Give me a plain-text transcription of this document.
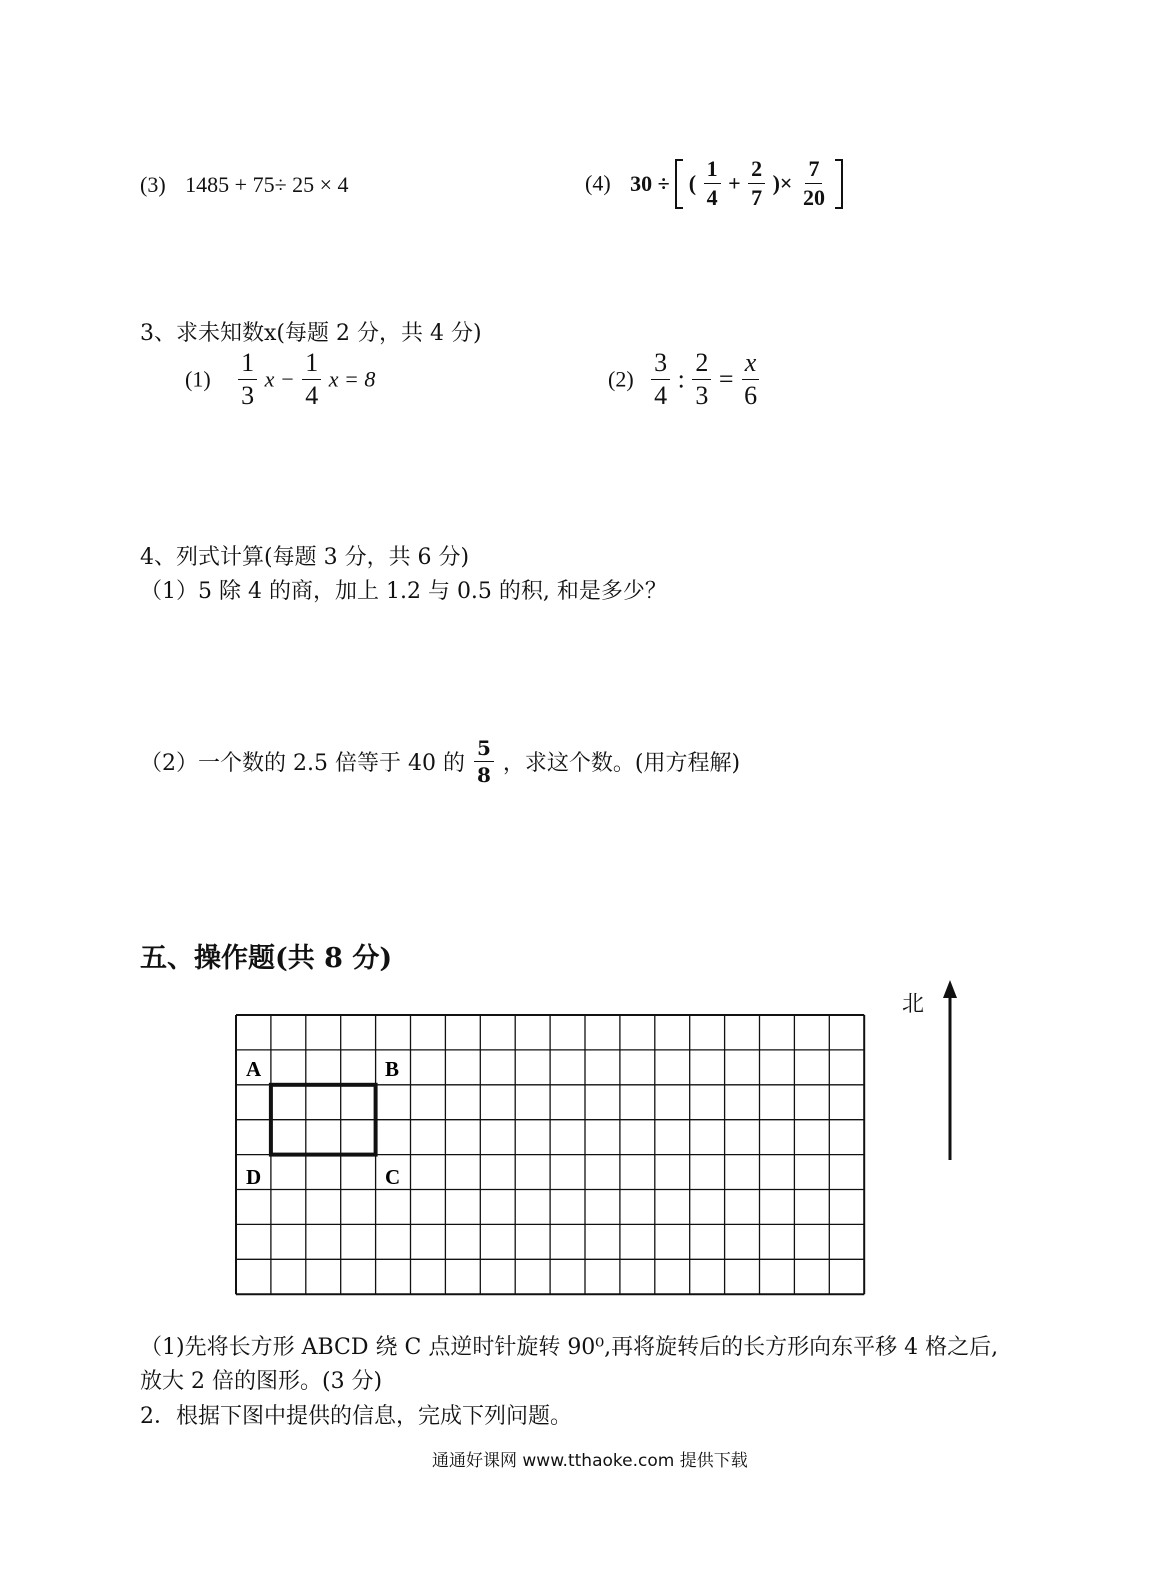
(3) 1485 + 75÷ 25 × 4	(4) 30 ÷ ( $\frac{1}{4} + \frac{2}{7}$ )× $\frac{7}{20}$

3、求未知数x(每题 2 分，共 4 分)
$(1) \frac{1}{3}$ $x - \frac{1}{4}$ x = 8	$(2) \frac{3}{4}$ : $\frac{2}{3} = \frac{x}{6}$
4、列式计算(每题 3 分，共 6 分)
（1）5 除 4 的商，加上 1.2 与 0.5 的积, 和是多少？
（2）一个数的 2.5 倍等于 40 的 $\frac{5}{8}$ ，求这个数。(用方程解)
五、操作题(共 8 分)
北
A	B
C
D
（1)先将长方形 ABCD 绕 C 点逆时针旋转 90⁰,再将旋转后的长方形向东平移 4 格之后,
放大 2 倍的图形。(3 分)
2．根据下图中提供的信息，完成下列问题。
通通好课网 www.tthaoke.com 提供下载
